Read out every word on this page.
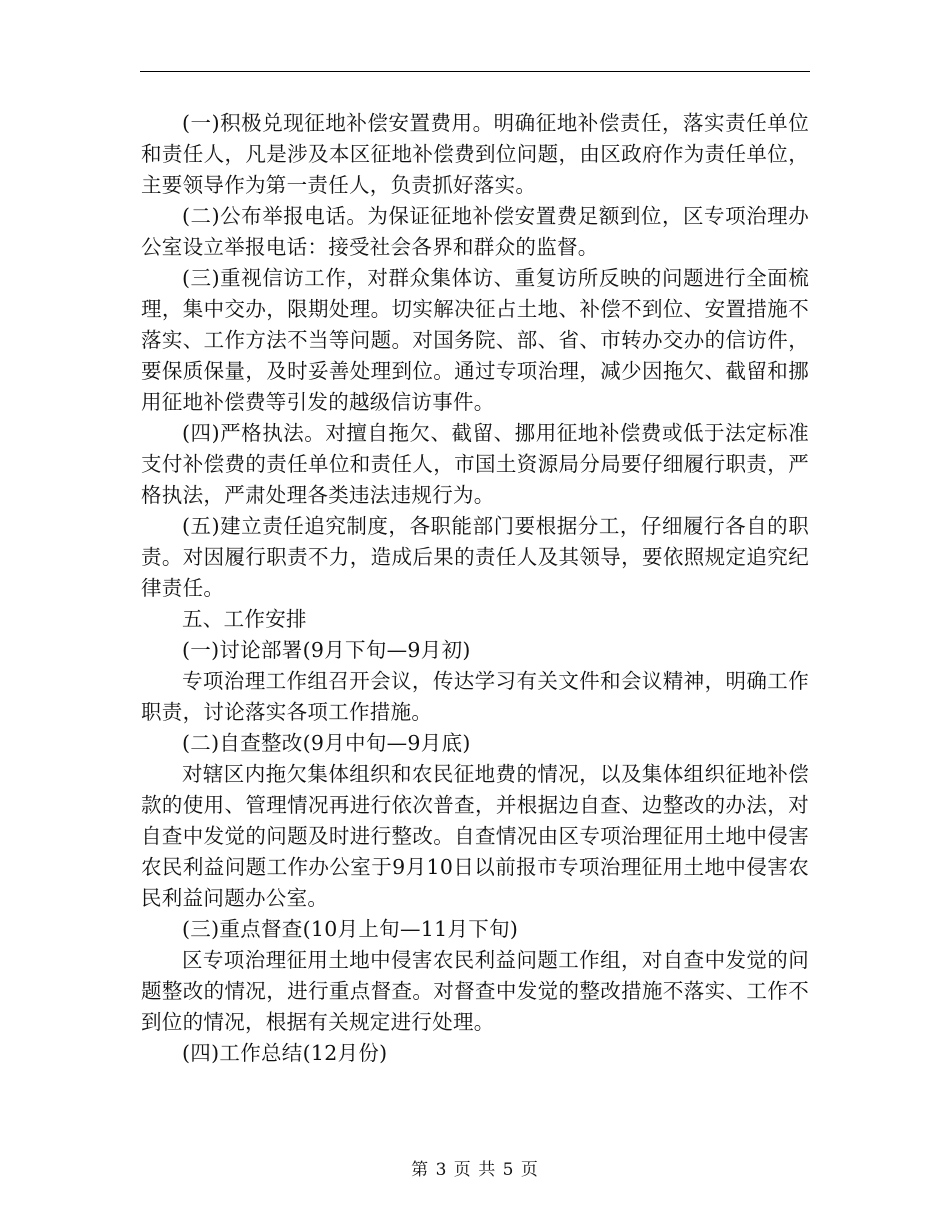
(一)积极兑现征地补偿安置费用。明确征地补偿责任，落实责任单位和责任人，凡是涉及本区征地补偿费到位问题，由区政府作为责任单位，主要领导作为第一责任人，负责抓好落实。

(二)公布举报电话。为保证征地补偿安置费足额到位，区专项治理办公室设立举报电话：接受社会各界和群众的监督。

(三)重视信访工作，对群众集体访、重复访所反映的问题进行全面梳理，集中交办，限期处理。切实解决征占土地、补偿不到位、安置措施不落实、工作方法不当等问题。对国务院、部、省、市转办交办的信访件，要保质保量，及时妥善处理到位。通过专项治理，减少因拖欠、截留和挪用征地补偿费等引发的越级信访事件。

(四)严格执法。对擅自拖欠、截留、挪用征地补偿费或低于法定标准支付补偿费的责任单位和责任人，市国土资源局分局要仔细履行职责，严格执法，严肃处理各类违法违规行为。

(五)建立责任追究制度，各职能部门要根据分工，仔细履行各自的职责。对因履行职责不力，造成后果的责任人及其领导，要依照规定追究纪律责任。

五、工作安排

(一)讨论部署(9月下旬—9月初)

专项治理工作组召开会议，传达学习有关文件和会议精神，明确工作职责，讨论落实各项工作措施。

(二)自查整改(9月中旬—9月底)

对辖区内拖欠集体组织和农民征地费的情况，以及集体组织征地补偿款的使用、管理情况再进行依次普查，并根据边自查、边整改的办法，对自查中发觉的问题及时进行整改。自查情况由区专项治理征用土地中侵害农民利益问题工作办公室于9月10日以前报市专项治理征用土地中侵害农民利益问题办公室。

(三)重点督查(10月上旬—11月下旬)

区专项治理征用土地中侵害农民利益问题工作组，对自查中发觉的问题整改的情况，进行重点督查。对督查中发觉的整改措施不落实、工作不到位的情况，根据有关规定进行处理。

(四)工作总结(12月份)

第 3 页 共 5 页
